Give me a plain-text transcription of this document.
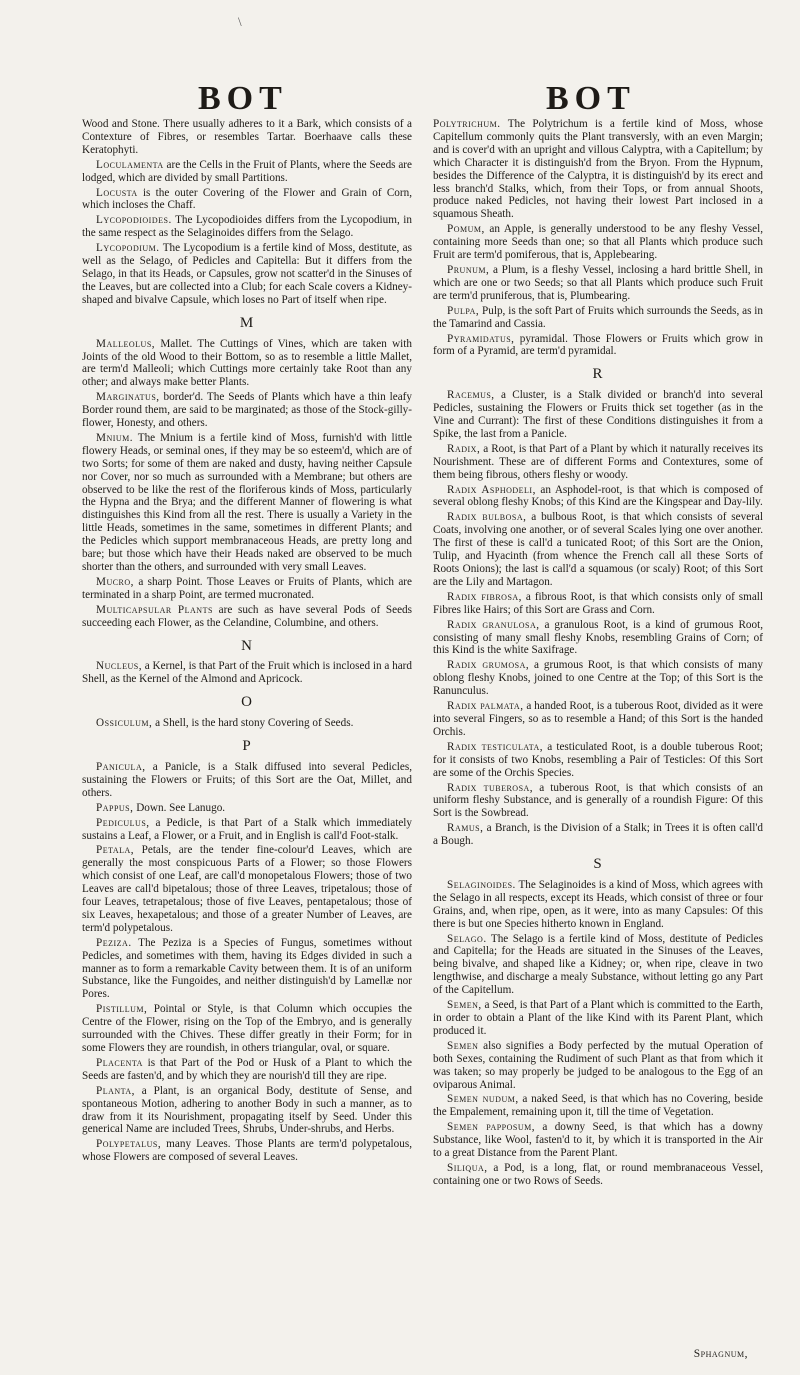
\
BOT	BOT

Wood and Stone. There usually adheres to it a Bark, which consists of a Contexture of Fibres, or resembles Tartar. Boerhaave calls these Keratophyti.

Loculamenta are the Cells in the Fruit of Plants, where the Seeds are lodged, which are divided by small Partitions.

Locusta is the outer Covering of the Flower and Grain of Corn, which incloses the Chaff.

Lycopodioides. The Lycopodioides differs from the Lycopodium, in the same respect as the Selaginoides differs from the Selago.

Lycopodium. The Lycopodium is a fertile kind of Moss, destitute, as well as the Selago, of Pedicles and Capitella: But it differs from the Selago, in that its Heads, or Capsules, grow not scatter'd in the Sinuses of the Leaves, but are collected into a Club; for each Scale covers a Kidney-shaped and bivalve Capsule, which loses no Part of itself when ripe.

M

Malleolus, Mallet. The Cuttings of Vines, which are taken with Joints of the old Wood to their Bottom, so as to resemble a little Mallet, are term'd Malleoli; which Cuttings more certainly take Root than any other; and always make better Plants.

Marginatus, border'd. The Seeds of Plants which have a thin leafy Border round them, are said to be marginated; as those of the Stock-gilly-flower, Honesty, and others.

Mnium. The Mnium is a fertile kind of Moss, furnish'd with little flowery Heads, or seminal ones, if they may be so esteem'd, which are of two Sorts; for some of them are naked and dusty, having neither Capsule nor Cover, nor so much as surrounded with a Membrane; but others are observed to be like the rest of the floriferous kinds of Moss, particularly the Hypna and the Brya; and the different Manner of flowering is what distinguishes this Kind from all the rest. There is usually a Variety in the little Heads, sometimes in the same, sometimes in different Plants; and the Pedicles which support membranaceous Heads, are pretty long and bare; but those which have their Heads naked are observed to be much shorter than the others, and surrounded with very small Leaves.

Mucro, a sharp Point. Those Leaves or Fruits of Plants, which are terminated in a sharp Point, are termed mucronated.

Multicapsular Plants are such as have several Pods of Seeds succeeding each Flower, as the Celandine, Columbine, and others.

N

Nucleus, a Kernel, is that Part of the Fruit which is inclosed in a hard Shell, as the Kernel of the Almond and Apricock.

O

Ossiculum, a Shell, is the hard stony Covering of Seeds.

P

Panicula, a Panicle, is a Stalk diffused into several Pedicles, sustaining the Flowers or Fruits; of this Sort are the Oat, Millet, and others.

Pappus, Down. See Lanugo.

Pediculus, a Pedicle, is that Part of a Stalk which immediately sustains a Leaf, a Flower, or a Fruit, and in English is call'd Foot-stalk.

Petala, Petals, are the tender fine-colour'd Leaves, which are generally the most conspicuous Parts of a Flower; so those Flowers which consist of one Leaf, are call'd monopetalous Flowers; those of two Leaves are call'd bipetalous; those of three Leaves, tripetalous; those of four Leaves, tetrapetalous; those of five Leaves, pentapetalous; those of six Leaves, hexapetalous; and those of a greater Number of Leaves, are term'd polypetalous.

Peziza. The Peziza is a Species of Fungus, sometimes without Pedicles, and sometimes with them, having its Edges divided in such a manner as to form a remarkable Cavity between them. It is of an uniform Substance, like the Fungoides, and neither distinguish'd by Lamellæ nor Pores.

Pistillum, Pointal or Style, is that Column which occupies the Centre of the Flower, rising on the Top of the Embryo, and is generally surrounded with the Chives. These differ greatly in their Form; for in some Flowers they are roundish, in others triangular, oval, or square.

Placenta is that Part of the Pod or Husk of a Plant to which the Seeds are fasten'd, and by which they are nourish'd till they are ripe.

Planta, a Plant, is an organical Body, destitute of Sense, and spontaneous Motion, adhering to another Body in such a manner, as to draw from it its Nourishment, propagating itself by Seed. Under this generical Name are included Trees, Shrubs, Under-shrubs, and Herbs.

Polypetalus, many Leaves. Those Plants are term'd polypetalous, whose Flowers are composed of several Leaves.

Polytrichum. The Polytrichum is a fertile kind of Moss, whose Capitellum commonly quits the Plant transversly, with an even Margin; and is cover'd with an upright and villous Calyptra, with a Capitellum; by which Character it is distinguish'd from the Bryon. From the Hypnum, besides the Difference of the Calyptra, it is distinguish'd by its erect and less branch'd Stalks, which, from their Tops, or from annual Shoots, produce naked Pedicles, not having their lowest Part inclosed in a squamous Sheath.

Pomum, an Apple, is generally understood to be any fleshy Vessel, containing more Seeds than one; so that all Plants which produce such Fruit are term'd pomiferous, that is, Applebearing.

Prunum, a Plum, is a fleshy Vessel, inclosing a hard brittle Shell, in which are one or two Seeds; so that all Plants which produce such Fruit are term'd pruniferous, that is, Plumbearing.

Pulpa, Pulp, is the soft Part of Fruits which surrounds the Seeds, as in the Tamarind and Cassia.

Pyramidatus, pyramidal. Those Flowers or Fruits which grow in form of a Pyramid, are term'd pyramidal.

R

Racemus, a Cluster, is a Stalk divided or branch'd into several Pedicles, sustaining the Flowers or Fruits thick set together (as in the Vine and Currant): The first of these Conditions distinguishes it from a Spike, the last from a Panicle.

Radix, a Root, is that Part of a Plant by which it naturally receives its Nourishment. These are of different Forms and Contextures, some of them being fibrous, others fleshy or woody.

Radix Asphodeli, an Asphodel-root, is that which is composed of several oblong fleshy Knobs; of this Kind are the Kingspear and Day-lily.

Radix bulbosa, a bulbous Root, is that which consists of several Coats, involving one another, or of several Scales lying one over another. The first of these is call'd a tunicated Root; of this Sort are the Onion, Tulip, and Hyacinth (from whence the French call all these Sorts of Roots Onions); the last is call'd a squamous (or scaly) Root; of this Sort are the Lily and Martagon.

Radix fibrosa, a fibrous Root, is that which consists only of small Fibres like Hairs; of this Sort are Grass and Corn.

Radix granulosa, a granulous Root, is a kind of grumous Root, consisting of many small fleshy Knobs, resembling Grains of Corn; of this Kind is the white Saxifrage.

Radix grumosa, a grumous Root, is that which consists of many oblong fleshy Knobs, joined to one Centre at the Top; of this Sort is the Ranunculus.

Radix palmata, a handed Root, is a tuberous Root, divided as it were into several Fingers, so as to resemble a Hand; of this Sort is the handed Orchis.

Radix testiculata, a testiculated Root, is a double tuberous Root; for it consists of two Knobs, resembling a Pair of Testicles: Of this Sort are some of the Orchis Species.

Radix tuberosa, a tuberous Root, is that which consists of an uniform fleshy Substance, and is generally of a roundish Figure: Of this Sort is the Sowbread.

Ramus, a Branch, is the Division of a Stalk; in Trees it is often call'd a Bough.

S

Selaginoides. The Selaginoides is a kind of Moss, which agrees with the Selago in all respects, except its Heads, which consist of three or four Grains, and, when ripe, open, as it were, into as many Capsules: Of this there is but one Species hitherto known in England.

Selago. The Selago is a fertile kind of Moss, destitute of Pedicles and Capitella; for the Heads are situated in the Sinuses of the Leaves, being bivalve, and shaped like a Kidney; or, when ripe, cleave in two lengthwise, and discharge a mealy Substance, without letting go any Part of the Capitellum.

Semen, a Seed, is that Part of a Plant which is committed to the Earth, in order to obtain a Plant of the like Kind with its Parent Plant, which produced it.

Semen also signifies a Body perfected by the mutual Operation of both Sexes, containing the Rudiment of such Plant as that from which it was taken; so may properly be judged to be analogous to the Egg of an oviparous Animal.

Semen nudum, a naked Seed, is that which has no Covering, beside the Empalement, remaining upon it, till the time of Vegetation.

Semen papposum, a downy Seed, is that which has a downy Substance, like Wool, fasten'd to it, by which it is transported in the Air to a great Distance from the Parent Plant.

Siliqua, a Pod, is a long, flat, or round membranaceous Vessel, containing one or two Rows of Seeds.

Sphagnum,
